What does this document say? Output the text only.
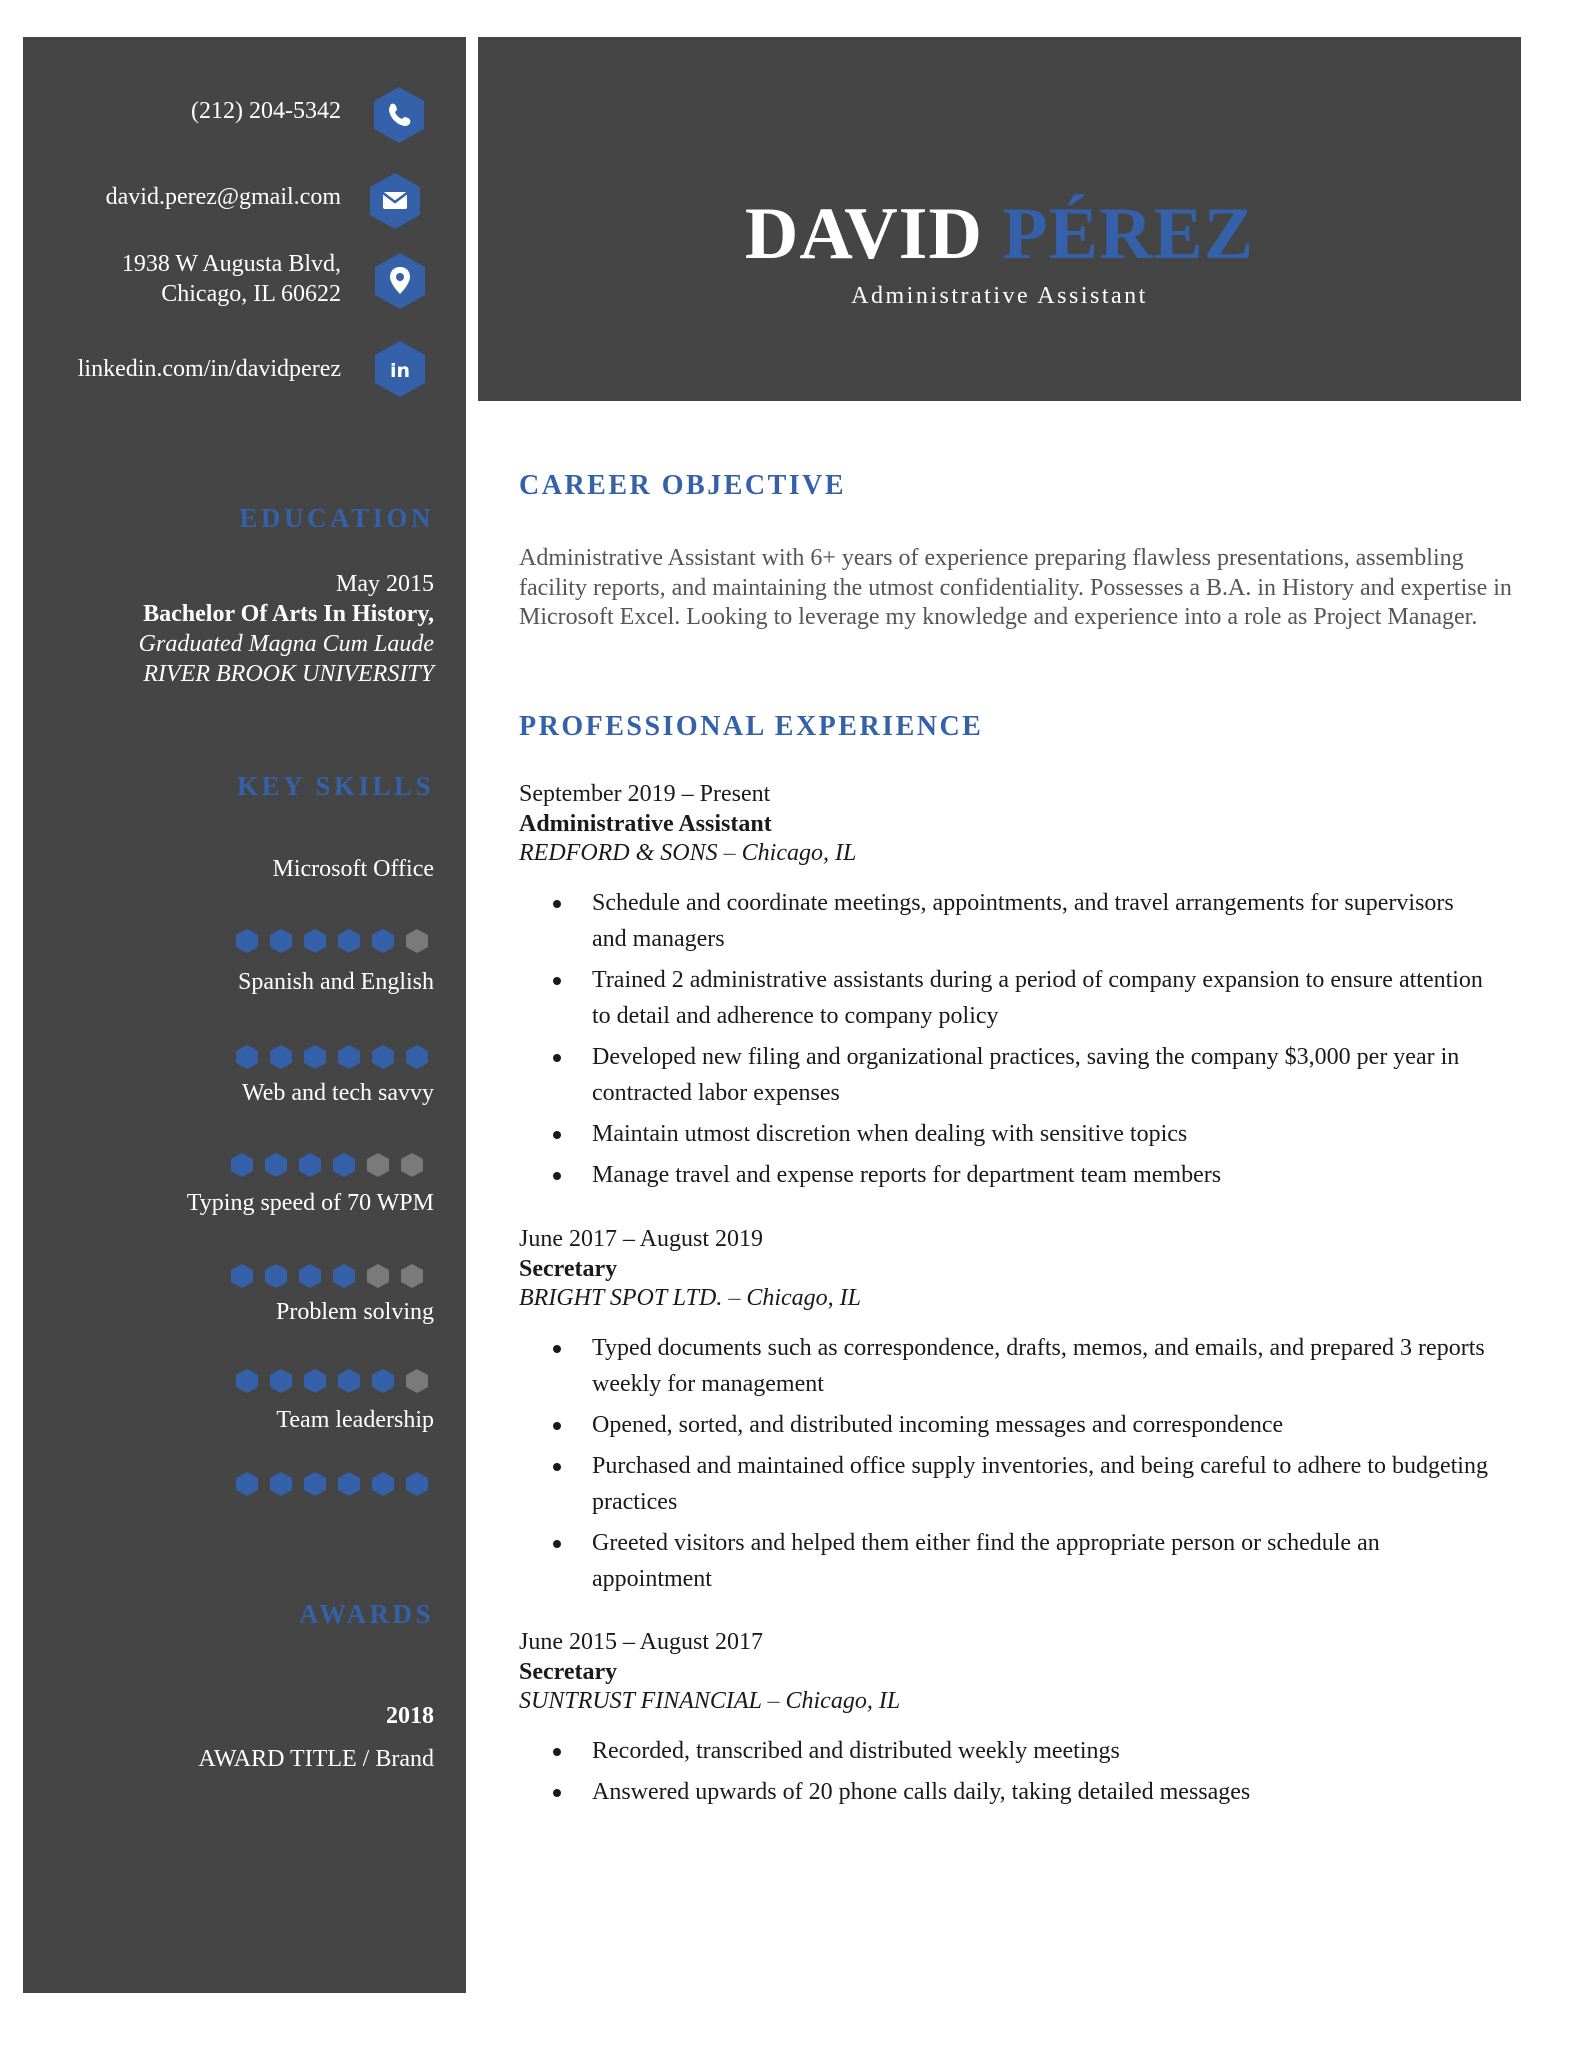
(212) 204-5342
david.perez@gmail.com
1938 W Augusta Blvd,
Chicago, IL 60622
linkedin.com/in/davidperez	in
EDUCATION
May 2015
Bachelor Of Arts In History,
Graduated Magna Cum Laude
RIVER BROOK UNIVERSITY
KEY SKILLS
Microsoft Office
Spanish and English
Web and tech savvy
Typing speed of 70 WPM
Problem solving
Team leadership
AWARDS
2018
AWARD TITLE / Brand
DAVID PÉREZ
Administrative Assistant
CAREER OBJECTIVE
Administrative Assistant with 6+ years of experience preparing flawless presentations, assembling facility reports, and maintaining the utmost confidentiality. Possesses a B.A. in History and expertise in Microsoft Excel. Looking to leverage my knowledge and experience into a role as Project Manager.
PROFESSIONAL EXPERIENCE
September 2019 – Present
Administrative Assistant
REDFORD & SONS – Chicago, IL
Schedule and coordinate meetings, appointments, and travel arrangements for supervisors and managers
Trained 2 administrative assistants during a period of company expansion to ensure attention to detail and adherence to company policy
Developed new filing and organizational practices, saving the company $3,000 per year in contracted labor expenses
Maintain utmost discretion when dealing with sensitive topics
Manage travel and expense reports for department team members
June 2017 – August 2019
Secretary
BRIGHT SPOT LTD. – Chicago, IL
Typed documents such as correspondence, drafts, memos, and emails, and prepared 3 reports weekly for management
Opened, sorted, and distributed incoming messages and correspondence
Purchased and maintained office supply inventories, and being careful to adhere to budgeting practices
Greeted visitors and helped them either find the appropriate person or schedule an appointment
June 2015 – August 2017
Secretary
SUNTRUST FINANCIAL – Chicago, IL
Recorded, transcribed and distributed weekly meetings
Answered upwards of 20 phone calls daily, taking detailed messages
